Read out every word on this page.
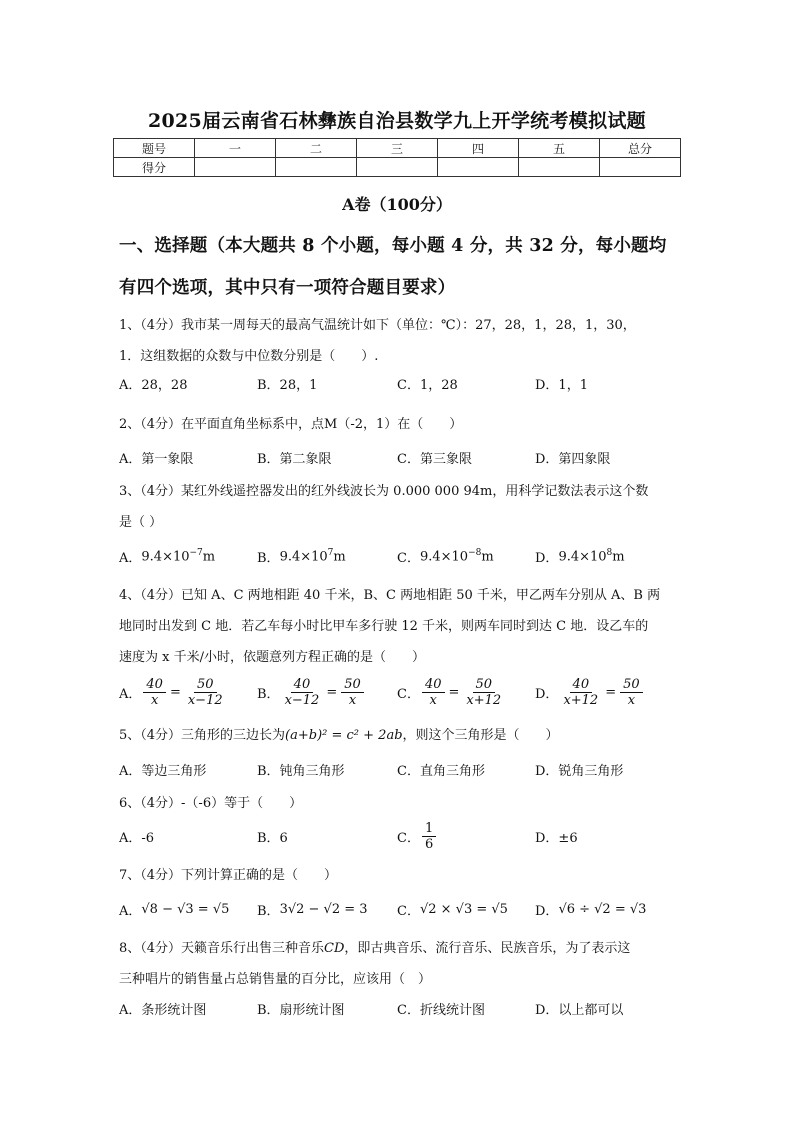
2025届云南省石林彝族自治县数学九上开学统考模拟试题
题号	一	二	三	四	五	总分
得分						
A卷（100分）
一、选择题（本大题共 8 个小题，每小题 4 分，共 32 分，每小题均
有四个选项，其中只有一项符合题目要求）
1、（4分）我市某一周每天的最高气温统计如下（单位：℃）：27，28，1，28，1，30，
1．这组数据的众数与中位数分别是（　　）.
A．28，28	B．28，1	C．1，28	D．1，1
2、（4分）在平面直角坐标系中，点M（-2，1）在（　　）
A．第一象限	B．第二象限	C．第三象限	D．第四象限
3、（4分）某红外线遥控器发出的红外线波长为 0.000 000 94m，用科学记数法表示这个数
是（ ）
A． $9.4\times 10^{-7}m$	B． $9.4\times 10^7m$	C． $9.4\times 10^{-8}m$	D． $9.4\times 10^8m$
4、（4分）已知 A、C 两地相距 40 千米，B、C 两地相距 50 千米，甲乙两车分别从 A、B 两
地同时出发到 C 地．若乙车每小时比甲车多行驶 12 千米，则两车同时到达 C 地．设乙车的
速度为 x 千米/小时，依题意列方程正确的是（　　）
A． $\frac{40}{x} = \frac{50}{x-12}$ B． $\frac{40}{x-12} = \frac{50}{x}$	C． $\frac{40}{x} = \frac{50}{x+12}$ D． $\frac{40}{x+12} = \frac{50}{x}$
5、（4分）三角形的三边长为(a+b)² = c² + 2ab，则这个三角形是（　　）
A．等边三角形	B．钝角三角形	C．直角三角形	D．锐角三角形
6、（4分）-（-6）等于（　　）
A．-6	B．6	C． $\frac{1}{6}$	D．±6
7、（4分）下列计算正确的是（　　）
A． √8 − √3 = √5 B． 3√2 − √2 = 3 C． √2 × √3 = √5 D． √6 ÷ √2 = √3
8、（4分）天籁音乐行出售三种音乐CD，即古典音乐、流行音乐、民族音乐，为了表示这
三种唱片的销售量占总销售量的百分比，应该用（　）
A．条形统计图	B．扇形统计图	C．折线统计图	D．以上都可以
